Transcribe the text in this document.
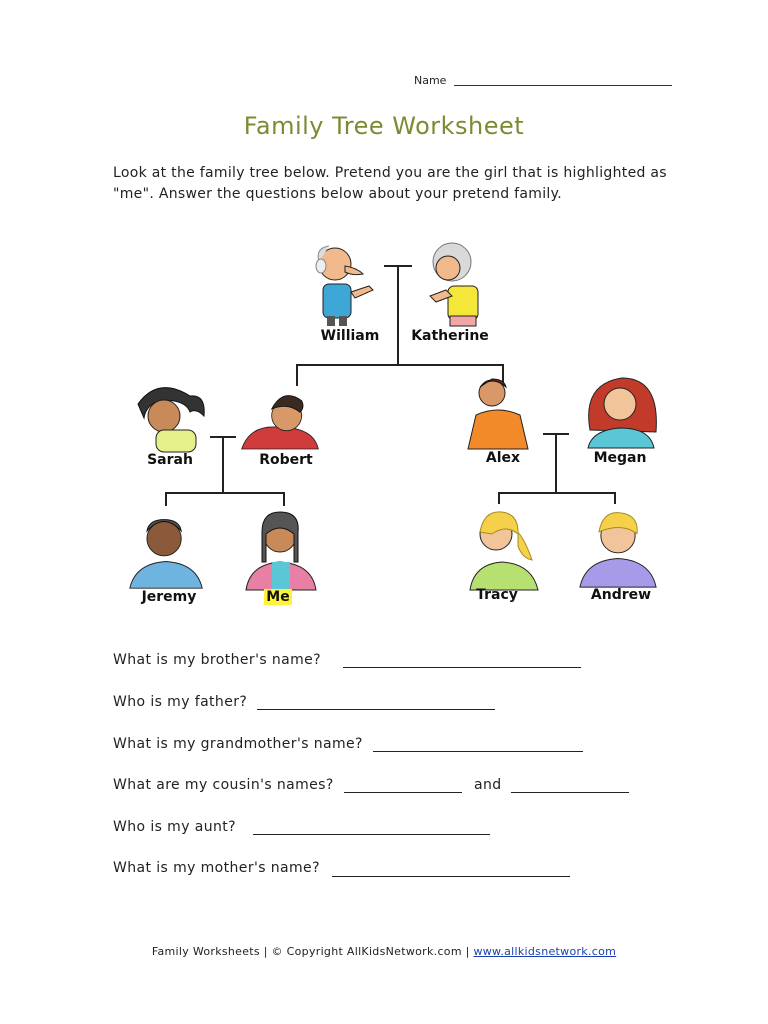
Name
Family Tree Worksheet
Look at the family tree below. Pretend you are the girl that is highlighted as "me". Answer the questions below about your pretend family.
William	Katherine
Sarah	Robert	Alex	Megan
Jeremy	Me	Tracy	Andrew
What is my brother's name?
Who is my father?
What is my grandmother's name?
What are my cousin's names?	and
Who is my aunt?
What is my mother's name?
Family Worksheets | © Copyright AllKidsNetwork.com | www.allkidsnetwork.com
